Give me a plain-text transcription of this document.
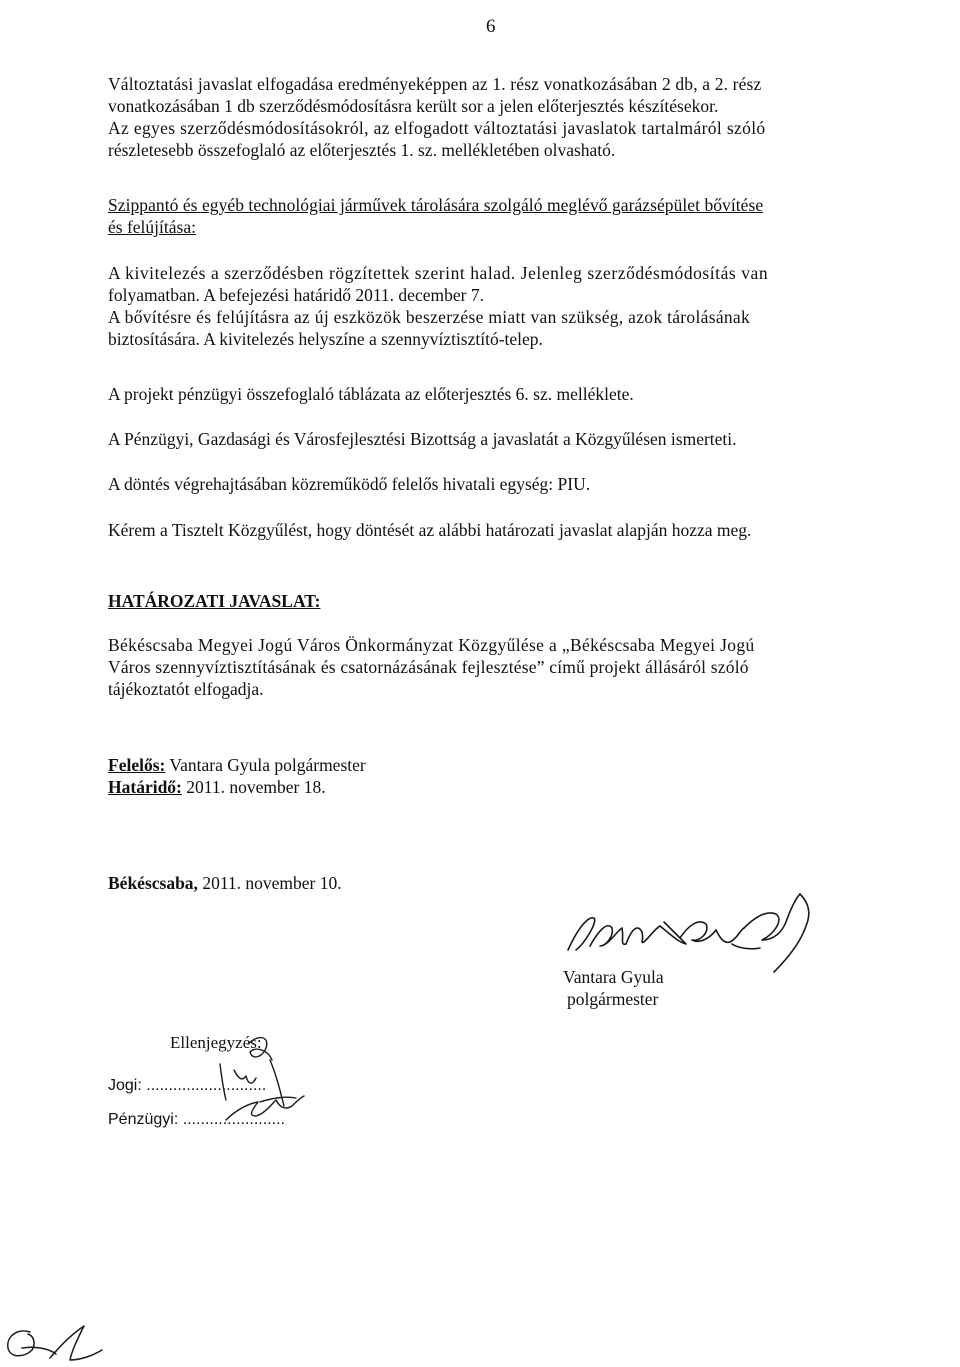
6

Változtatási javaslat elfogadása eredményeképpen az 1. rész vonatkozásában 2 db, a 2. rész

vonatkozásában 1 db szerződésmódosításra került sor a jelen előterjesztés készítésekor.

Az egyes szerződésmódosításokról, az elfogadott változtatási javaslatok tartalmáról szóló

részletesebb összefoglaló az előterjesztés 1. sz. mellékletében olvasható.

Szippantó és egyéb technológiai járművek tárolására szolgáló meglévő garázsépület bővítése

és felújítása:

A kivitelezés a szerződésben rögzítettek szerint halad. Jelenleg szerződésmódosítás van

folyamatban. A befejezési határidő 2011. december 7.

A bővítésre és felújításra az új eszközök beszerzése miatt van szükség, azok tárolásának

biztosítására. A kivitelezés helyszíne a szennyvíztisztító-telep.

A projekt pénzügyi összefoglaló táblázata az előterjesztés 6. sz. melléklete.

A Pénzügyi, Gazdasági és Városfejlesztési Bizottság a javaslatát a Közgyűlésen ismerteti.

A döntés végrehajtásában közreműködő felelős hivatali egység: PIU.

Kérem a Tisztelt Közgyűlést, hogy döntését az alábbi határozati javaslat alapján hozza meg.

HATÁROZATI JAVASLAT:

Békéscsaba Megyei Jogú Város Önkormányzat Közgyűlése a „Békéscsaba Megyei Jogú

Város szennyvíztisztításának és csatornázásának fejlesztése” című projekt állásáról szóló

tájékoztatót elfogadja.

Felelős: Vantara Gyula polgármester

Határidő: 2011. november 18.

Békéscsaba, 2011. november 10.

Vantara Gyula

polgármester

Ellenjegyzés:

Jogi: ...........................

Pénzügyi: .......................
